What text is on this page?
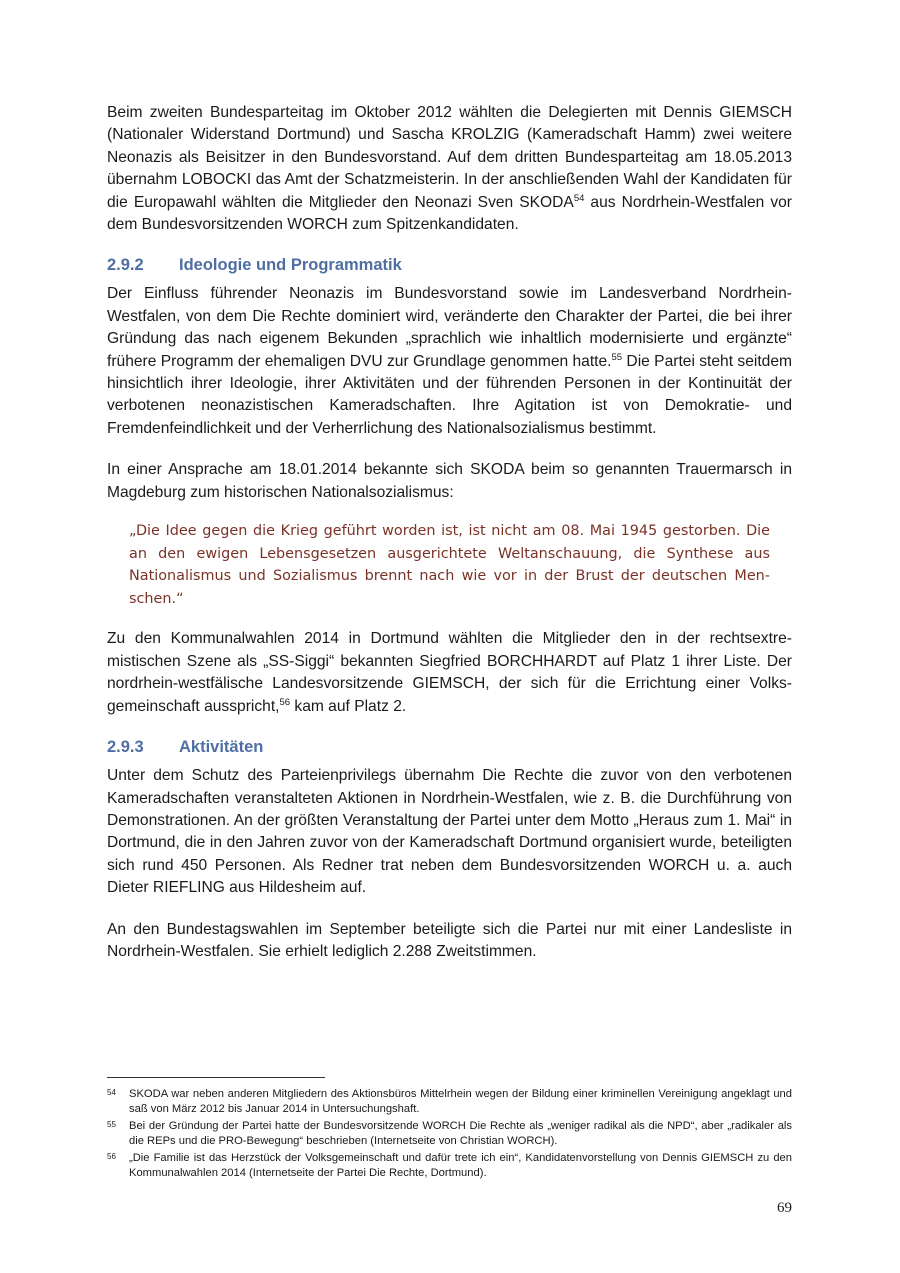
Beim zweiten Bundesparteitag im Oktober 2012 wählten die Delegierten mit Dennis GIEMSCH (Nationaler Widerstand Dortmund) und Sascha KROLZIG (Kameradschaft Hamm) zwei weitere Neonazis als Beisitzer in den Bundesvorstand. Auf dem dritten Bundesparteitag am 18.05.2013 übernahm LOBOCKI das Amt der Schatzmeisterin. In der anschließenden Wahl der Kandidaten für die Europawahl wählten die Mitglieder den Neonazi Sven SKODA$^{54}$ aus Nordrhein-Westfalen vor dem Bundesvorsitzenden WORCH zum Spitzenkandidaten.

2.9.2 Ideologie und Programmatik

Der Einfluss führender Neonazis im Bundesvorstand sowie im Landesverband Nordrhein-Westfalen, von dem Die Rechte dominiert wird, veränderte den Charakter der Partei, die bei ihrer Gründung das nach eigenem Bekunden „sprachlich wie inhaltlich modernisierte und ergänzte“ frühere Programm der ehemaligen DVU zur Grundlage genommen hatte.$^{55}$ Die Partei steht seitdem hinsichtlich ihrer Ideologie, ihrer Aktivitäten und der führenden Personen in der Kontinuität der verbotenen neonazistischen Kameradschaften. Ihre Agitation ist von Demokratie- und Fremdenfeindlichkeit und der Verherrlichung des Nationalsozialismus bestimmt.

In einer Ansprache am 18.01.2014 bekannte sich SKODA beim so genannten Trauermarsch in Magdeburg zum historischen Nationalsozialismus:

„Die Idee gegen die Krieg geführt worden ist, ist nicht am 08. Mai 1945 gestorben. Die an den ewigen Lebensgesetzen ausgerichtete Weltanschauung, die Synthese aus Nationalismus und Sozialismus brennt nach wie vor in der Brust der deutschen Menschen.“

Zu den Kommunalwahlen 2014 in Dortmund wählten die Mitglieder den in der rechtsextremistischen Szene als „SS-Siggi“ bekannten Siegfried BORCHHARDT auf Platz 1 ihrer Liste. Der nordrhein-westfälische Landesvorsitzende GIEMSCH, der sich für die Errichtung einer Volksgemeinschaft ausspricht,$^{56}$ kam auf Platz 2.

2.9.3 Aktivitäten

Unter dem Schutz des Parteienprivilegs übernahm Die Rechte die zuvor von den verbotenen Kameradschaften veranstalteten Aktionen in Nordrhein-Westfalen, wie z. B. die Durchführung von Demonstrationen. An der größten Veranstaltung der Partei unter dem Motto „Heraus zum 1. Mai“ in Dortmund, die in den Jahren zuvor von der Kameradschaft Dortmund organisiert wurde, beteiligten sich rund 450 Personen. Als Redner trat neben dem Bundesvorsitzenden WORCH u. a. auch Dieter RIEFLING aus Hildesheim auf.

An den Bundestagswahlen im September beteiligte sich die Partei nur mit einer Landesliste in Nordrhein-Westfalen. Sie erhielt lediglich 2.288 Zweitstimmen.

54	SKODA war neben anderen Mitgliedern des Aktionsbüros Mittelrhein wegen der Bildung einer kriminellen Vereinigung angeklagt und saß von März 2012 bis Januar 2014 in Untersuchungshaft.
55	Bei der Gründung der Partei hatte der Bundesvorsitzende WORCH Die Rechte als „weniger radikal als die NPD“, aber „radikaler als die REPs und die PRO-Bewegung“ beschrieben (Internetseite von Christian WORCH).
56	„Die Familie ist das Herzstück der Volksgemeinschaft und dafür trete ich ein“, Kandidatenvorstellung von Dennis GIEMSCH zu den Kommunalwahlen 2014 (Internetseite der Partei Die Rechte, Dortmund).
69
